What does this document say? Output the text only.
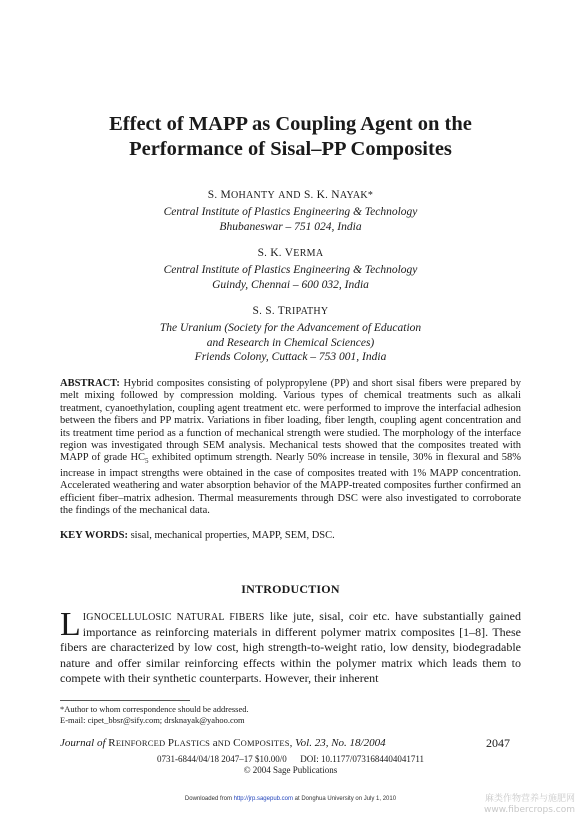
Effect of MAPP as Coupling Agent on the
Performance of Sisal–PP Composites
S. MOHANTY AND S. K. NAYAK*
Central Institute of Plastics Engineering & Technology
Bhubaneswar – 751 024, India
S. K. VERMA
Central Institute of Plastics Engineering & Technology
Guindy, Chennai – 600 032, India
S. S. TRIPATHY
The Uranium (Society for the Advancement of Education
and Research in Chemical Sciences)
Friends Colony, Cuttack – 753 001, India
ABSTRACT: Hybrid composites consisting of polypropylene (PP) and short sisal fibers were prepared by melt mixing followed by compression molding. Various types of chemical treatments such as alkali treatment, cyanoethylation, coupling agent treatment etc. were performed to improve the interfacial adhesion between the fibers and PP matrix. Variations in fiber loading, fiber length, coupling agent concentration and its treatment time period as a function of mechanical strength were studied. The morphology of the interface region was investigated through SEM analysis. Mechanical tests showed that the composites treated with MAPP of grade $HC_5$ exhibited optimum strength. Nearly 50% increase in tensile, 30% in flexural and 58% increase in impact strengths were obtained in the case of composites treated with 1% MAPP concentration. Accelerated weathering and water absorption behavior of the MAPP-treated composites further confirmed an efficient fiber–matrix adhesion. Thermal measurements through DSC were also investigated to corroborate the findings of the mechanical data.
KEY WORDS: sisal, mechanical properties, MAPP, SEM, DSC.
INTRODUCTION
LIGNOCELLULOSIC NATURAL FIBERS like jute, sisal, coir etc. have substantially gained importance as reinforcing materials in different polymer matrix composites [1–8]. These fibers are characterized by low cost, high strength-to-weight ratio, low density, biodegradable nature and offer similar reinforcing effects within the polymer matrix which leads them to compete with their synthetic counterparts. However, their inherent
*Author to whom correspondence should be addressed.
E-mail: cipet_bbsr@sify.com; drsknayak@yahoo.com
Journal of REINFORCED PLASTICS aND COMPOSITES, Vol. 23, No. 18/2004	2047
0731-6844/04/18 2047–17 $10.00/0      DOI: 10.1177/0731684404041711
© 2004 Sage Publications
Downloaded from http://jrp.sagepub.com at Donghua University on July 1, 2010	麻类作物营养与施肥网
www.fibercrops.com
